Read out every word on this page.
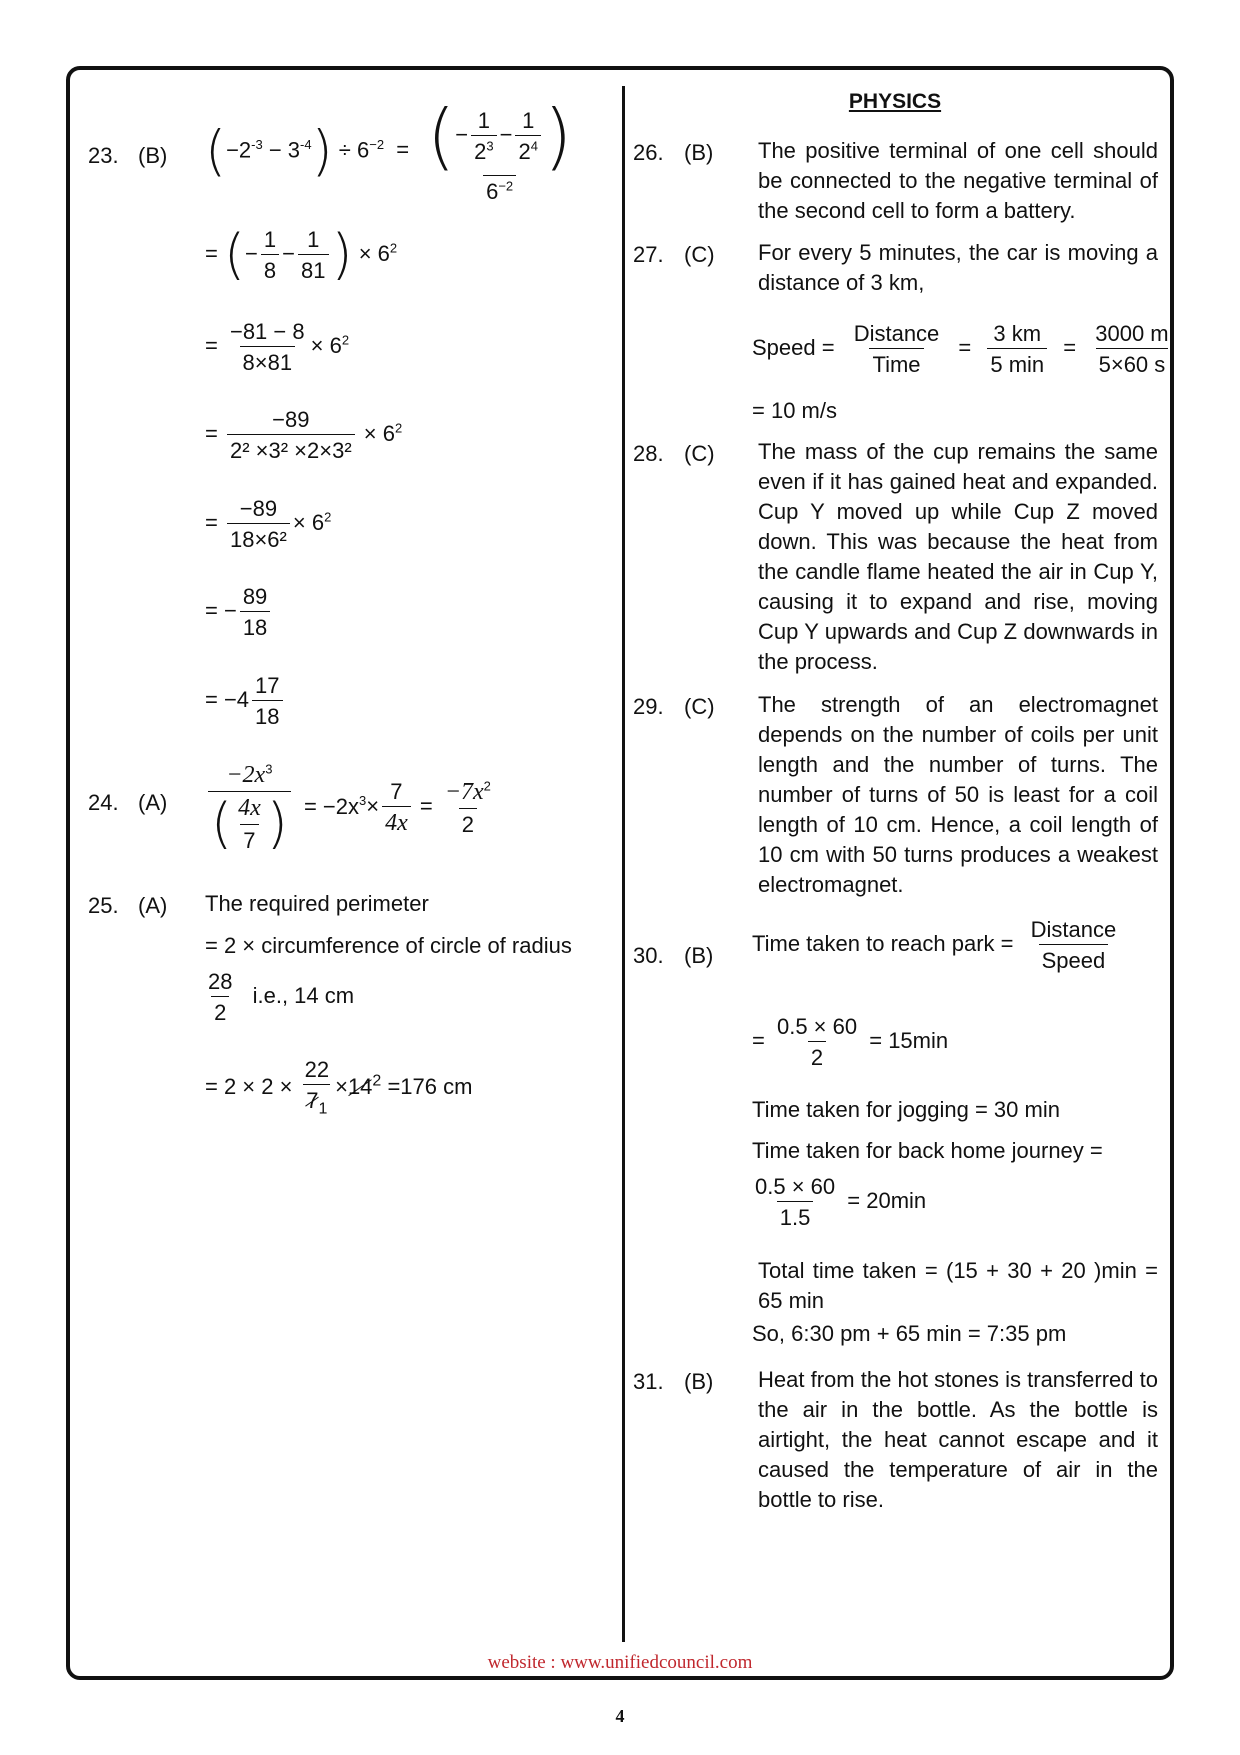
PHYSICS
23. (B) $(-2^{-3} - 3^{-4}) \div 6^{-2} = \frac{(- \frac{1}{2^3} - \frac{1}{2^4} )}{6^{-2}}$
= (− $\frac{1}{8} - \frac{1}{81}$ ) × $6^2$
= $\frac{-81 - 8}{8\times 81} \times 6^2$
= $\frac{-89}{\text{2² ×3² ×2×3²}} \times 6^2$
= $\frac{-89}{\text{18×6²}} \times 6^2$
= − $\frac{89}{18}$
= $-4 \frac{17}{18}$
24. $(A) \frac{-2x^3}{( \frac{4x}{7} )} = -2x^3\times \frac{7}{4x} = \frac{-7x^2}{2}$
25. (A) The required perimeter
= 2 × circumference of circle of radius
$\frac{28}{2} i.e$., 14 cm
= $2 \times 2 \times \frac{22}{7_1} \times 14^2 =176$ cm
26. (B) The positive terminal of one cell should be connected to the negative terminal of the second cell to form a battery.
27. (C) For every 5 minutes, the car is moving a distance of 3 km,
Speed = $\frac{\text{Distance}}{\text{Time}} = \frac{3 km}{5 \min} = \frac{3000 m}{5\times 60 s}$
= 10 m/s
28. (C) The mass of the cup remains the same even if it has gained heat and expanded. Cup Y moved up while Cup Z moved down. This was because the heat from the candle flame heated the air in Cup Y, causing it to expand and rise, moving Cup Y upwards and Cup Z downwards in the process.
29. (C) The strength of an electromagnet depends on the number of coils per unit length and the number of turns. The number of turns of 50 is least for a coil length of 10 cm. Hence, a coil length of 10 cm with 50 turns produces a weakest electromagnet.
30. (B) Time taken to reach park = $\frac{\text{Distance}}{\text{Speed}}$
= $\frac{0.5 \times 60}{2} = 15\min$
Time taken for jogging = 30 min
Time taken for back home journey =
$\frac{0.5 \times 60}{1.5} = 20\min$
Total time taken = (15 + 30 + 20 )min = 65 min
So, 6:30 pm + 65 min = 7:35 pm
31. (B) Heat from the hot stones is transferred to the air in the bottle. As the bottle is airtight, the heat cannot escape and it caused the temperature of air in the bottle to rise.
website : www.unifiedcouncil.com
4
